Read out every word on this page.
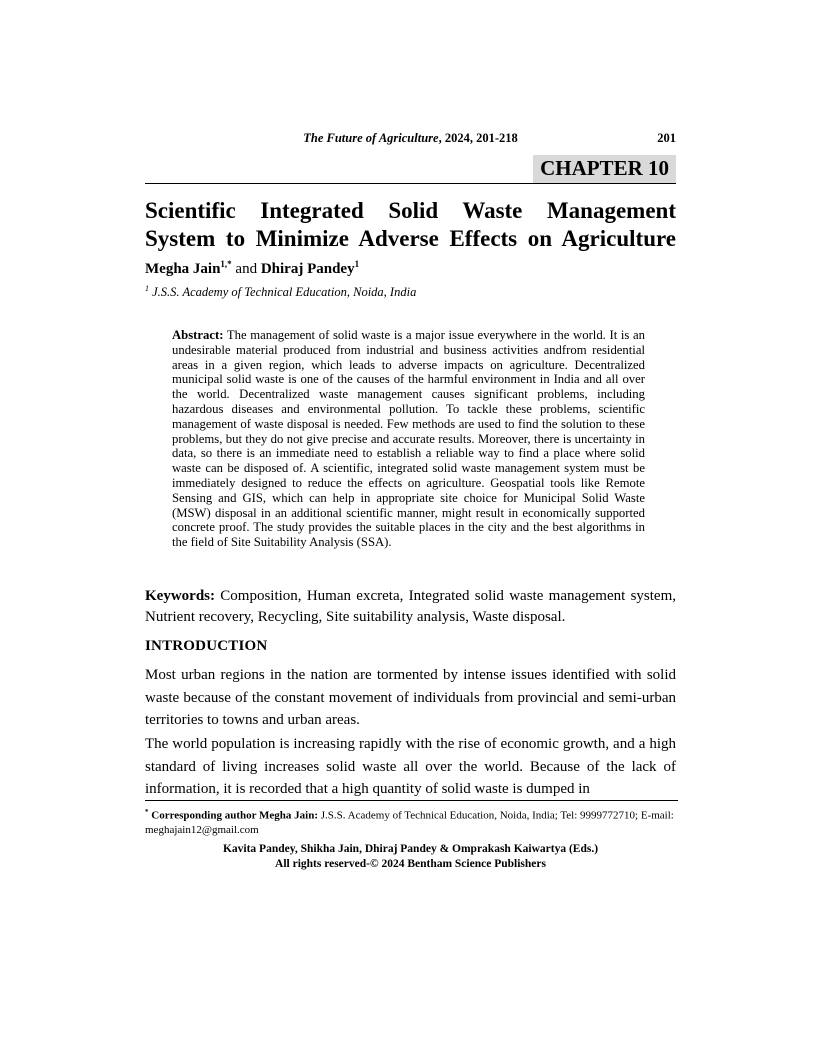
The Future of Agriculture, 2024, 201-218	201
CHAPTER 10
Scientific Integrated Solid Waste Management System to Minimize Adverse Effects on Agriculture
Megha Jain$^{1,*}$ and Dhiraj Pandey$^1$
$^1$ J.S.S. Academy of Technical Education, Noida, India
Abstract: The management of solid waste is a major issue everywhere in the world. It is an undesirable material produced from industrial and business activities andfrom residential areas in a given region, which leads to adverse impacts on agriculture. Decentralized municipal solid waste is one of the causes of the harmful environment in India and all over the world. Decentralized waste management causes significant problems, including hazardous diseases and environmental pollution. To tackle these problems, scientific management of waste disposal is needed. Few methods are used to find the solution to these problems, but they do not give precise and accurate results. Moreover, there is uncertainty in data, so there is an immediate need to establish a reliable way to find a place where solid waste can be disposed of. A scientific, integrated solid waste management system must be immediately designed to reduce the effects on agriculture. Geospatial tools like Remote Sensing and GIS, which can help in appropriate site choice for Municipal Solid Waste (MSW) disposal in an additional scientific manner, might result in economically supported concrete proof. The study provides the suitable places in the city and the best algorithms in the field of Site Suitability Analysis (SSA).
Keywords: Composition, Human excreta, Integrated solid waste management system, Nutrient recovery, Recycling, Site suitability analysis, Waste disposal.
INTRODUCTION
Most urban regions in the nation are tormented by intense issues identified with solid waste because of the constant movement of individuals from provincial and semi-urban territories to towns and urban areas.
The world population is increasing rapidly with the rise of economic growth, and a high standard of living increases solid waste all over the world. Because of the lack of information, it is recorded that a high quantity of solid waste is dumped in
* Corresponding author Megha Jain: J.S.S. Academy of Technical Education, Noida, India; Tel: 9999772710; E-mail: meghajain12@gmail.com
Kavita Pandey, Shikha Jain, Dhiraj Pandey & Omprakash Kaiwartya (Eds.)
All rights reserved-© 2024 Bentham Science Publishers
